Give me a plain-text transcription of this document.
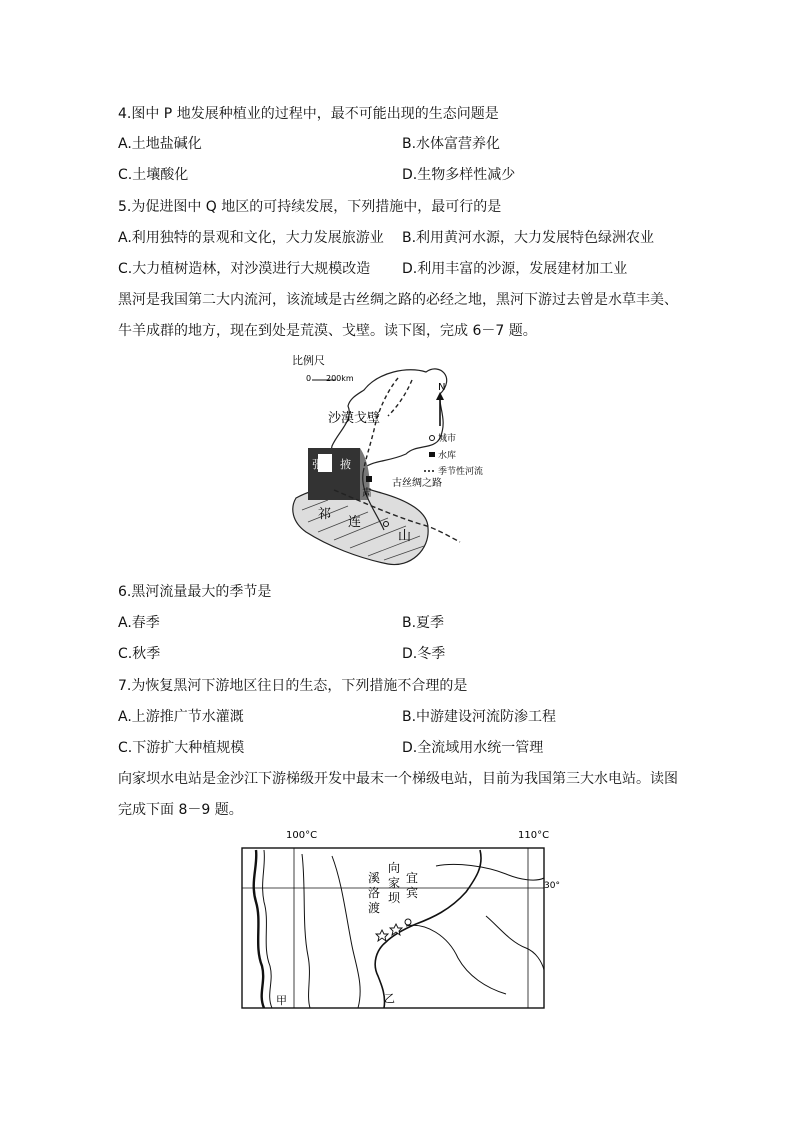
4.图中 P 地发展种植业的过程中，最不可能出现的生态问题是
A.土地盐碱化	B.水体富营养化
C.土壤酸化	D.生物多样性减少
5.为促进图中 Q 地区的可持续发展，下列措施中，最可行的是
A.利用独特的景观和文化，大力发展旅游业 B.利用黄河水源，大力发展特色绿洲农业
C.大力植树造林，对沙漠进行大规模改造 D.利用丰富的沙源，发展建材加工业
黑河是我国第二大内流河，该流域是古丝绸之路的必经之地，黑河下游过去曾是水草丰美、
牛羊成群的地方，现在到处是荒漠、戈壁。读下图，完成 6－7 题。
比例尺
0 200km
N
沙漠戈壁
城市
水库
季节性河流
古丝绸之路
张 掖
肃
祁
连
山
6.黑河流量最大的季节是
A.春季	B.夏季
C.秋季	D.冬季
7.为恢复黑河下游地区往日的生态，下列措施不合理的是
A.上游推广节水灌溉	B.中游建设河流防渗工程
C.下游扩大种植规模	D.全流域用水统一管理
向家坝水电站是金沙江下游梯级开发中最末一个梯级电站，目前为我国第三大水电站。读图
完成下面 8－9 题。
100°C	110°C
30°
溪
洛
渡
向
家
坝
宜
宾
甲	乙
